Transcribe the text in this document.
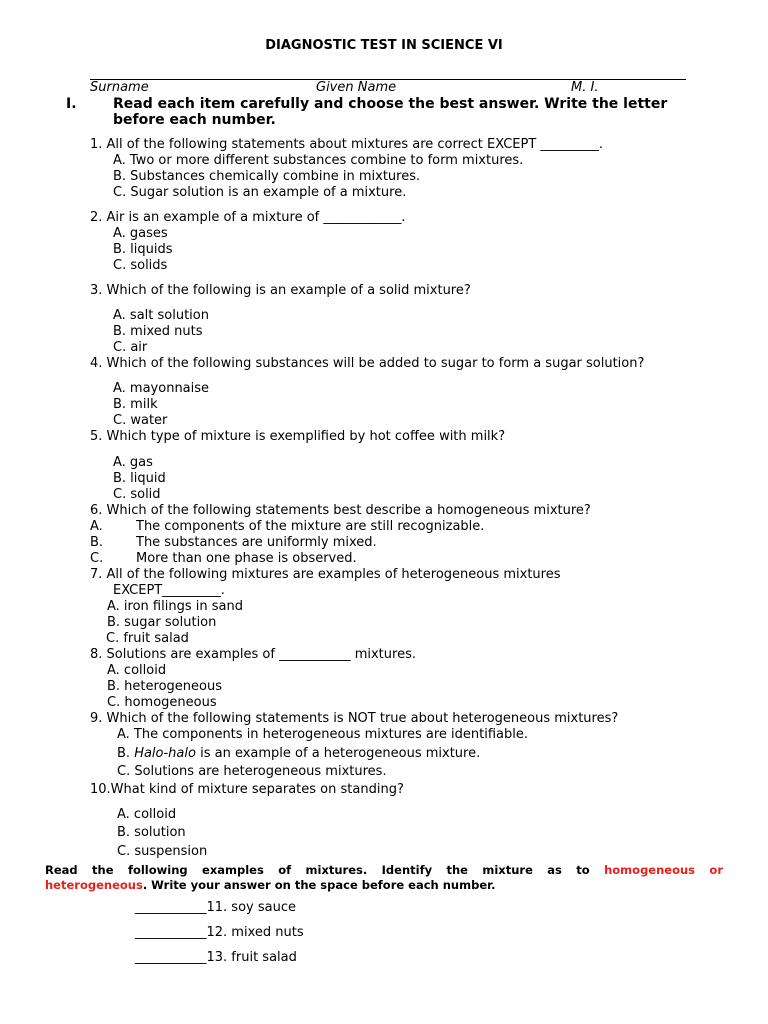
DIAGNOSTIC TEST IN SCIENCE VI
Surname	Given Name	M. I.
I.	Read each item carefully and choose the best answer. Write the letter
before each number.
1. All of the following statements about mixtures are correct EXCEPT _________.
A. Two or more different substances combine to form mixtures.
B. Substances chemically combine in mixtures.
C. Sugar solution is an example of a mixture.
2. Air is an example of a mixture of ____________.
A. gases
B. liquids
C. solids
3. Which of the following is an example of a solid mixture?
A. salt solution
B. mixed nuts
C. air
4. Which of the following substances will be added to sugar to form a sugar solution?
A. mayonnaise
B. milk
C. water
5. Which type of mixture is exemplified by hot coffee with milk?
A. gas
B. liquid
C. solid
6. Which of the following statements best describe a homogeneous mixture?
A.	The components of the mixture are still recognizable.
B.	The substances are uniformly mixed.
C.	More than one phase is observed.
7. All of the following mixtures are examples of heterogeneous mixtures
EXCEPT_________.
A. iron filings in sand
B. sugar solution
C. fruit salad
8. Solutions are examples of ___________ mixtures.
A. colloid
B. heterogeneous
C. homogeneous
9. Which of the following statements is NOT true about heterogeneous mixtures?
A. The components in heterogeneous mixtures are identifiable.
B. Halo-halo is an example of a heterogeneous mixture.
C. Solutions are heterogeneous mixtures.
10.What kind of mixture separates on standing?
A. colloid
B. solution
C. suspension
Read the following examples of mixtures. Identify the mixture as to homogeneous or
heterogeneous. Write your answer on the space before each number.
___________11. soy sauce
___________12. mixed nuts
___________13. fruit salad
